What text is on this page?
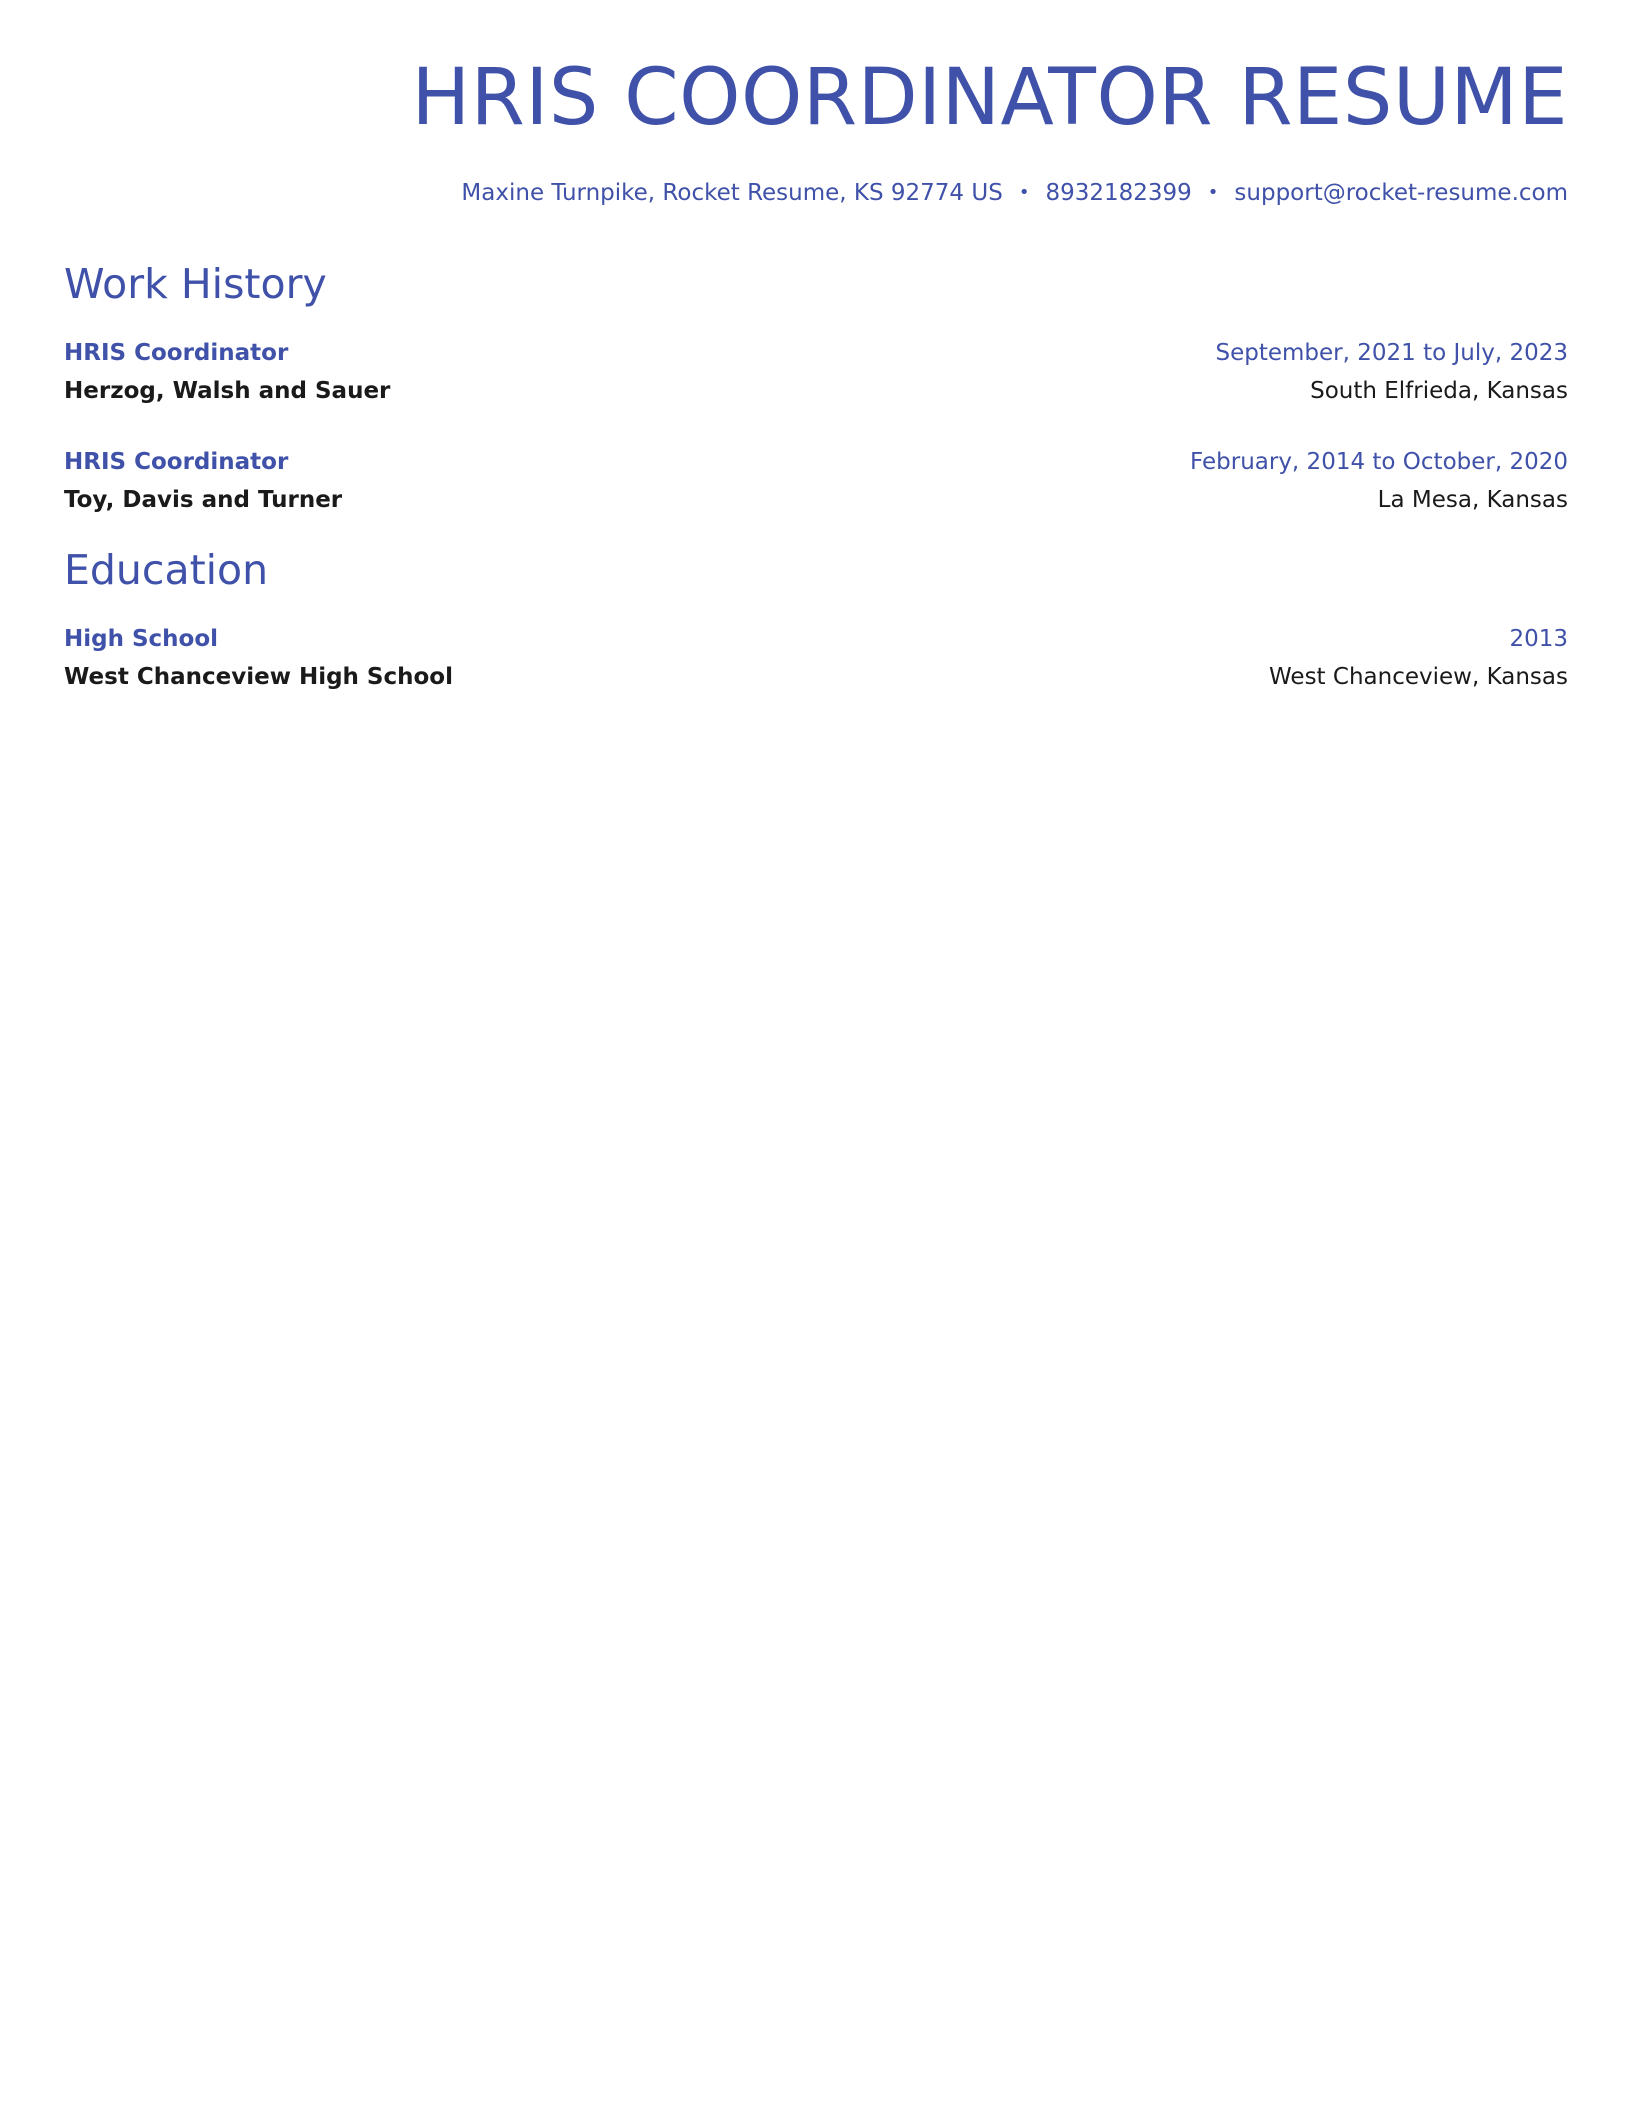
HRIS COORDINATOR RESUME
Maxine Turnpike, Rocket Resume, KS 92774 US • 8932182399 • support@rocket-resume.com
Work History
HRIS Coordinator	September, 2021 to July, 2023
Herzog, Walsh and Sauer	South Elfrieda, Kansas
HRIS Coordinator	February, 2014 to October, 2020
Toy, Davis and Turner	La Mesa, Kansas
Education
High School	2013
West Chanceview High School	West Chanceview, Kansas
